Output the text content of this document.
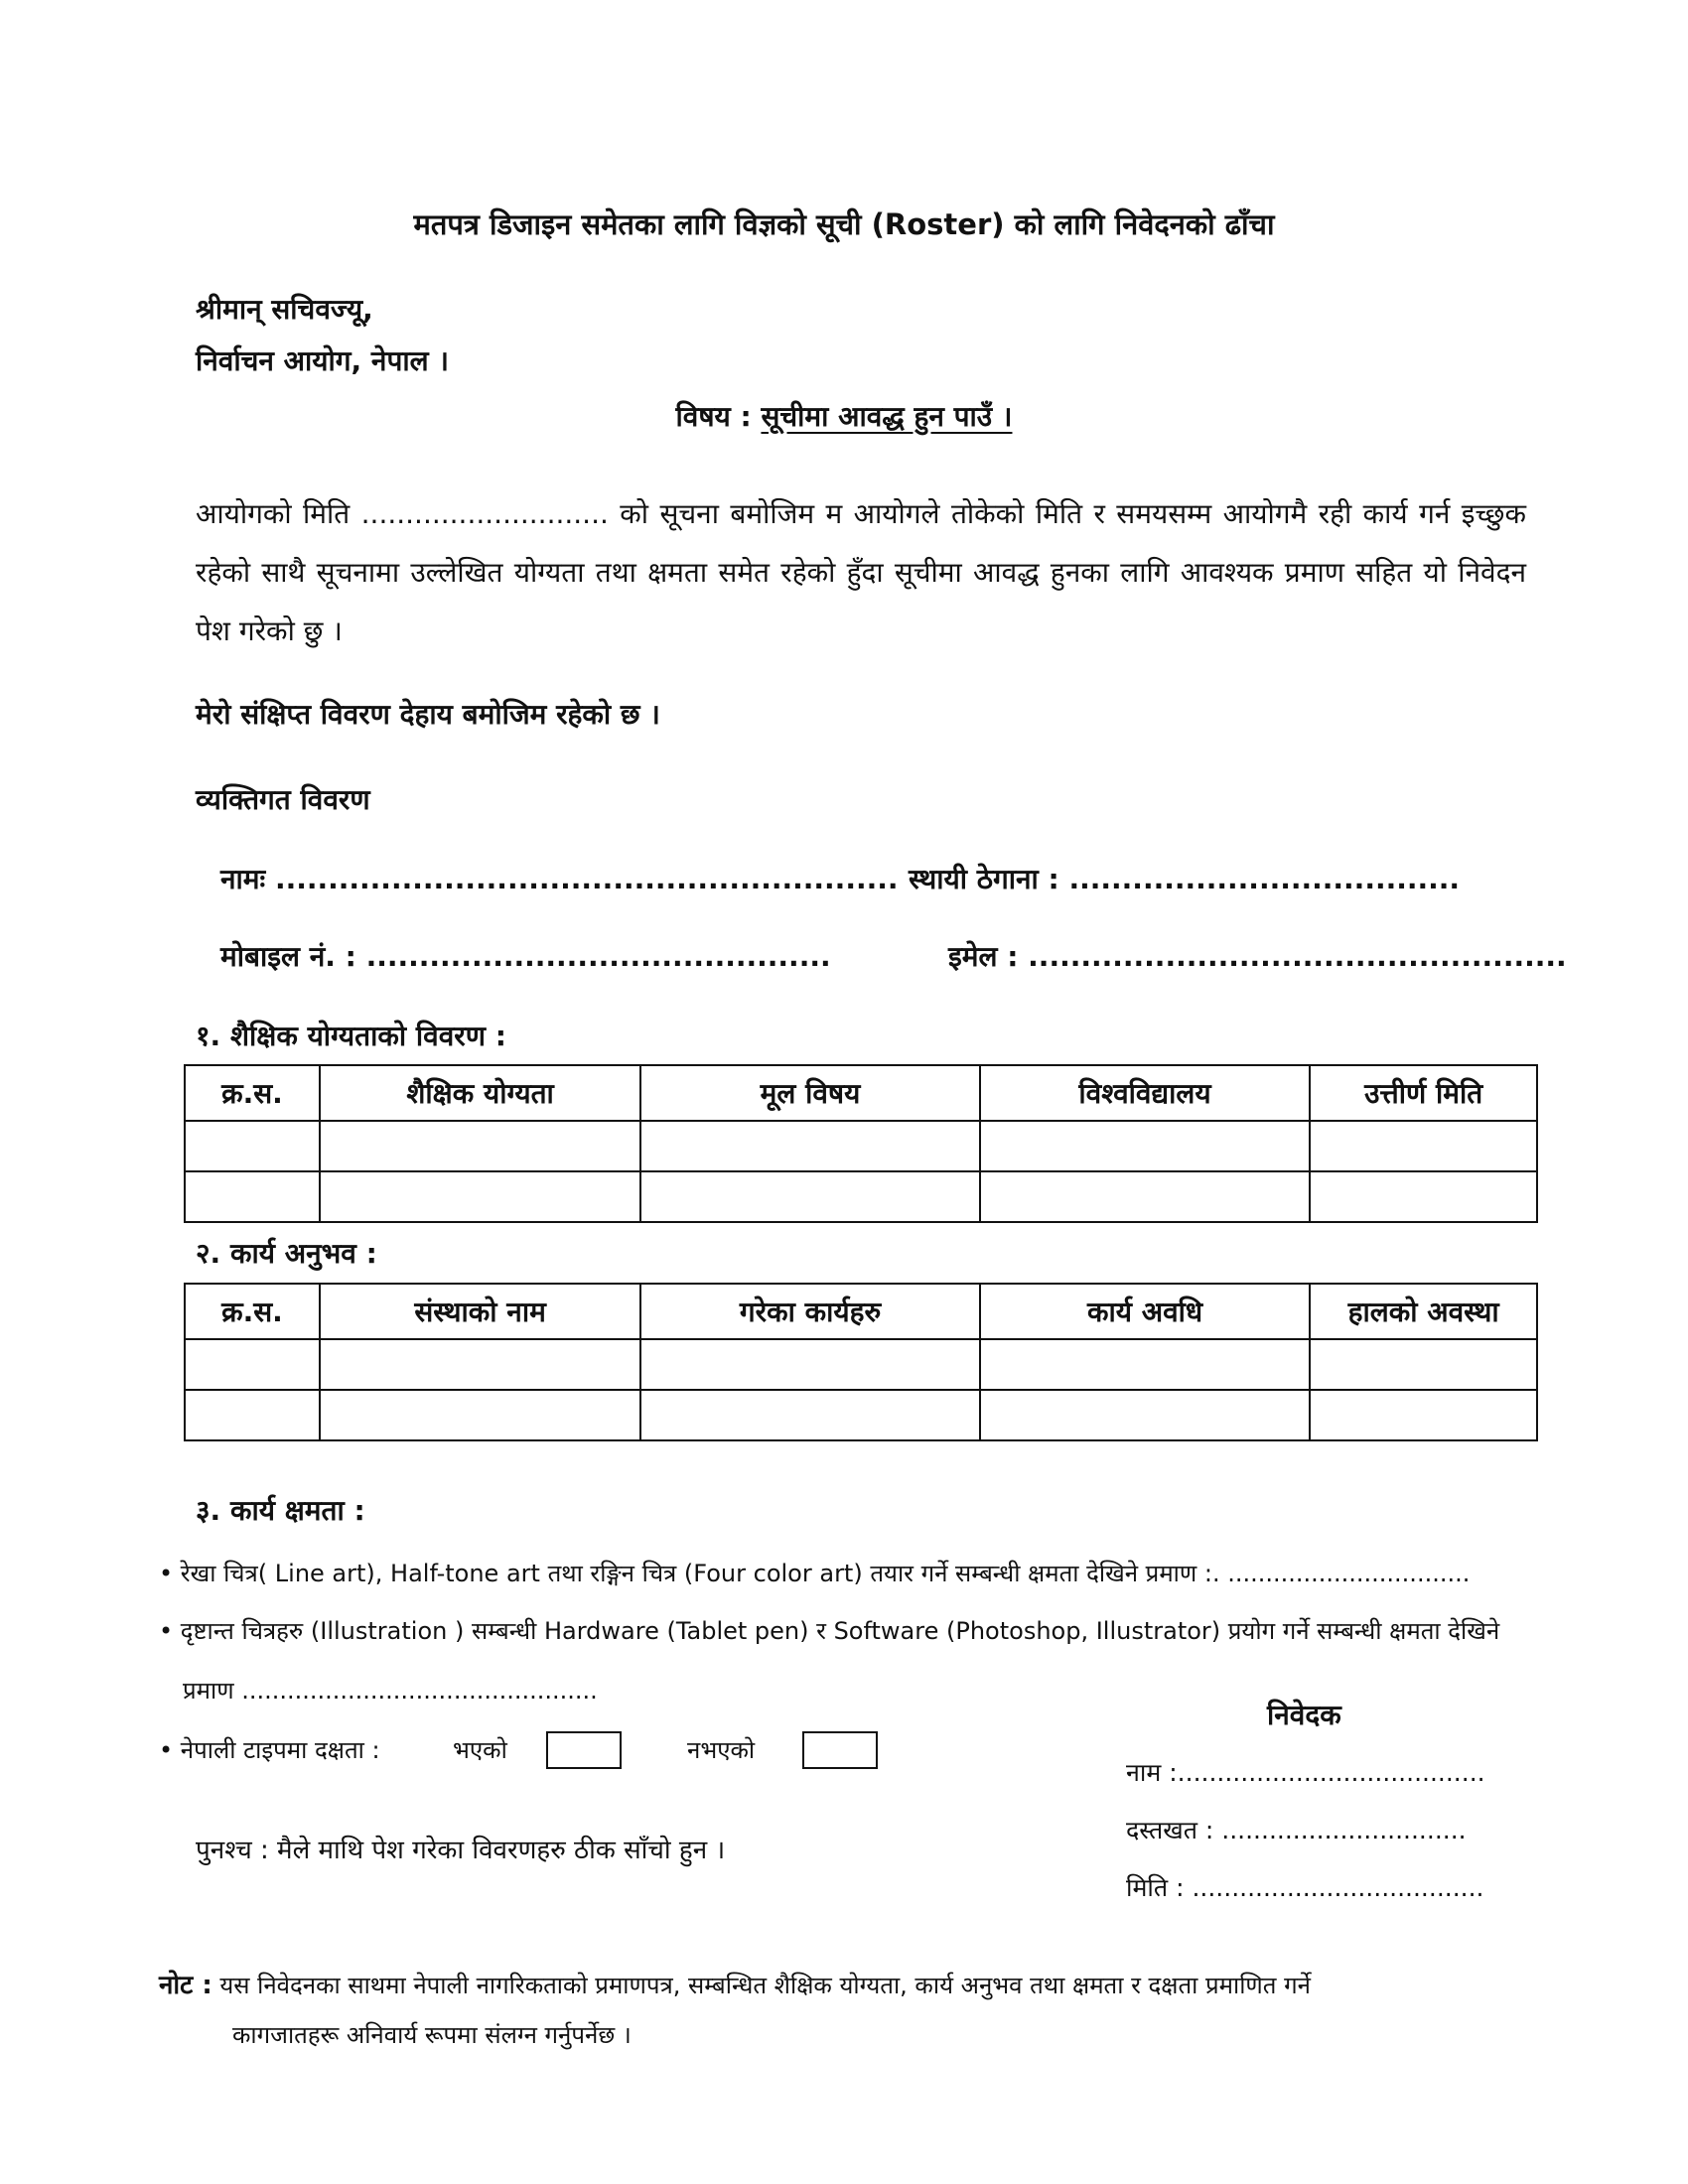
मतपत्र डिजाइन समेतका लागि विज्ञको सूची (Roster) को लागि निवेदनको ढाँचा
श्रीमान् सचिवज्यू,
निर्वाचन आयोग, नेपाल ।
विषय : सूचीमा आवद्ध हुन पाउँ ।
आयोगको मिति ............................ को सूचना बमोजिम म आयोगले तोकेको मिति र समयसम्म आयोगमै रही कार्य गर्न इच्छुक रहेको साथै सूचनामा उल्लेखित योग्यता तथा क्षमता समेत रहेको हुँदा सूचीमा आवद्ध हुनका लागि आवश्यक प्रमाण सहित यो निवेदन पेश गरेको छु ।
मेरो संक्षिप्त विवरण देहाय बमोजिम रहेको छ ।
व्यक्तिगत विवरण
नामः ........................................................... स्थायी ठेगाना : .....................................
मोबाइल नं. : ............................................	इमेल : ...................................................
१. शैक्षिक योग्यताको विवरण :
क्र.स.	शैक्षिक योग्यता	मूल विषय	विश्वविद्यालय	उत्तीर्ण मिति

२. कार्य अनुभव :
क्र.स.	संस्थाको नाम	गरेका कार्यहरु	कार्य अवधि	हालको अवस्था

३. कार्य क्षमता :
• रेखा चित्र( Line art), Half-tone art तथा रङ्गिन चित्र (Four color art) तयार गर्ने सम्बन्धी क्षमता देखिने प्रमाण :. ................................
• दृष्टान्त चित्रहरु (Illustration ) सम्बन्धी Hardware (Tablet pen) र Software (Photoshop, Illustrator) प्रयोग गर्ने सम्बन्धी क्षमता देखिने
प्रमाण ...............................................
• नेपाली टाइपमा दक्षता :	भएको	नभएको
पुनश्च : मैले माथि पेश गरेका विवरणहरु ठीक साँचो हुन ।
निवेदक
नाम :.......................................
दस्तखत : ...............................
मिति : .....................................
नोट : यस निवेदनका साथमा नेपाली नागरिकताको प्रमाणपत्र, सम्बन्धित शैक्षिक योग्यता, कार्य अनुभव तथा क्षमता र दक्षता प्रमाणित गर्ने
कागजातहरू अनिवार्य रूपमा संलग्न गर्नुपर्नेछ ।
